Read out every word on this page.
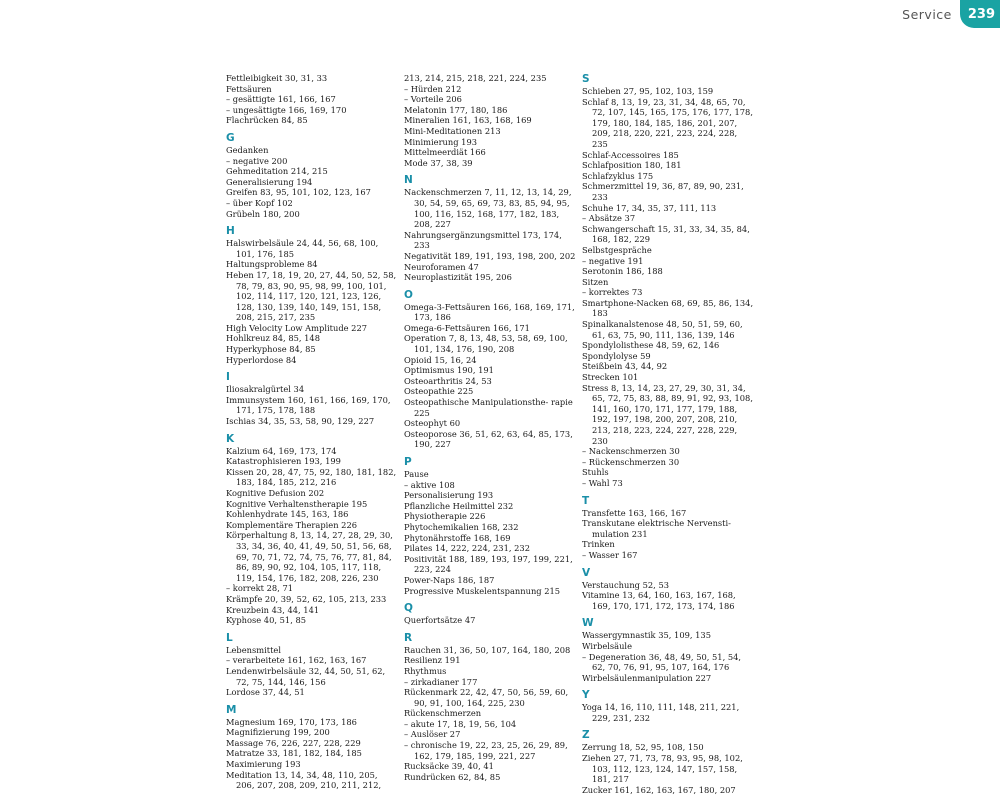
Service	239
Fettleibigkeit 30, 31, 33
Fettsäuren
– gesättigte 161, 166, 167
– ungesättigte 166, 169, 170
Flachrücken 84, 85
G
Gedanken
– negative 200
Gehmeditation 214, 215
Generalisierung 194
Greifen 83, 95, 101, 102, 123, 167
– über Kopf 102
Grübeln 180, 200
H
Halswirbelsäule 24, 44, 56, 68, 100, 101, 176, 185
Haltungsprobleme 84
Heben 17, 18, 19, 20, 27, 44, 50, 52, 58, 78, 79, 83, 90, 95, 98, 99, 100, 101, 102, 114, 117, 120, 121, 123, 126, 128, 130, 139, 140, 149, 151, 158, 208, 215, 217, 235
High Velocity Low Amplitude 227
Hohlkreuz 84, 85, 148
Hyperkyphose 84, 85
Hyperlordose 84
I
Iliosakralgürtel 34
Immunsystem 160, 161, 166, 169, 170, 171, 175, 178, 188
Ischias 34, 35, 53, 58, 90, 129, 227
K
Kalzium 64, 169, 173, 174
Katastrophisieren 193, 199
Kissen 20, 28, 47, 75, 92, 180, 181, 182, 183, 184, 185, 212, 216
Kognitive Defusion 202
Kognitive Verhaltenstherapie 195
Kohlenhydrate 145, 163, 186
Komplementäre Therapien 226
Körperhaltung 8, 13, 14, 27, 28, 29, 30, 33, 34, 36, 40, 41, 49, 50, 51, 56, 68, 69, 70, 71, 72, 74, 75, 76, 77, 81, 84, 86, 89, 90, 92, 104, 105, 117, 118, 119, 154, 176, 182, 208, 226, 230
– korrekt 28, 71
Krämpfe 20, 39, 52, 62, 105, 213, 233
Kreuzbein 43, 44, 141
Kyphose 40, 51, 85
L
Lebensmittel
– verarbeitete 161, 162, 163, 167
Lendenwirbelsäule 32, 44, 50, 51, 62, 72, 75, 144, 146, 156
Lordose 37, 44, 51
M
Magnesium 169, 170, 173, 186
Magnifizierung 199, 200
Massage 76, 226, 227, 228, 229
Matratze 33, 181, 182, 184, 185
Maximierung 193
Meditation 13, 14, 34, 48, 110, 205, 206, 207, 208, 209, 210, 211, 212,
213, 214, 215, 218, 221, 224, 235
– Hürden 212
– Vorteile 206
Melatonin 177, 180, 186
Mineralien 161, 163, 168, 169
Mini-Meditationen 213
Minimierung 193
Mittelmeerdiät 166
Mode 37, 38, 39
N
Nackenschmerzen 7, 11, 12, 13, 14, 29, 30, 54, 59, 65, 69, 73, 83, 85, 94, 95, 100, 116, 152, 168, 177, 182, 183, 208, 227
Nahrungsergänzungsmittel 173, 174, 233
Negativität 189, 191, 193, 198, 200, 202
Neuroforamen 47
Neuroplastizität 195, 206
O
Omega-3-Fettsäuren 166, 168, 169, 171, 173, 186
Omega-6-Fettsäuren 166, 171
Operation 7, 8, 13, 48, 53, 58, 69, 100, 101, 134, 176, 190, 208
Opioid 15, 16, 24
Optimismus 190, 191
Osteoarthritis 24, 53
Osteopathie 225
Osteopathische Manipulationsthe- rapie 225
Osteophyt 60
Osteoporose 36, 51, 62, 63, 64, 85, 173, 190, 227
P
Pause
– aktive 108
Personalisierung 193
Pflanzliche Heilmittel 232
Physiotherapie 226
Phytochemikalien 168, 232
Phytonährstoffe 168, 169
Pilates 14, 222, 224, 231, 232
Positivität 188, 189, 193, 197, 199, 221, 223, 224
Power-Naps 186, 187
Progressive Muskelentspannung 215
Q
Querfortsätze 47
R
Rauchen 31, 36, 50, 107, 164, 180, 208
Resilienz 191
Rhythmus
– zirkadianer 177
Rückenmark 22, 42, 47, 50, 56, 59, 60, 90, 91, 100, 164, 225, 230
Rückenschmerzen
– akute 17, 18, 19, 56, 104
– Auslöser 27
– chronische 19, 22, 23, 25, 26, 29, 89, 162, 179, 185, 199, 221, 227
Rucksäcke 39, 40, 41
Rundrücken 62, 84, 85
S
Schieben 27, 95, 102, 103, 159
Schlaf 8, 13, 19, 23, 31, 34, 48, 65, 70, 72, 107, 145, 165, 175, 176, 177, 178, 179, 180, 184, 185, 186, 201, 207, 209, 218, 220, 221, 223, 224, 228, 235
Schlaf-Accessoires 185
Schlafposition 180, 181
Schlafzyklus 175
Schmerzmittel 19, 36, 87, 89, 90, 231, 233
Schuhe 17, 34, 35, 37, 111, 113
– Absätze 37
Schwangerschaft 15, 31, 33, 34, 35, 84, 168, 182, 229
Selbstgespräche
– negative 191
Serotonin 186, 188
Sitzen
– korrektes 73
Smartphone-Nacken 68, 69, 85, 86, 134, 183
Spinalkanalstenose 48, 50, 51, 59, 60, 61, 63, 75, 90, 111, 136, 139, 146
Spondylolisthese 48, 59, 62, 146
Spondylolyse 59
Steißbein 43, 44, 92
Strecken 101
Stress 8, 13, 14, 23, 27, 29, 30, 31, 34, 65, 72, 75, 83, 88, 89, 91, 92, 93, 108, 141, 160, 170, 171, 177, 179, 188, 192, 197, 198, 200, 207, 208, 210, 213, 218, 223, 224, 227, 228, 229, 230
– Nackenschmerzen 30
– Rückenschmerzen 30
Stuhls
– Wahl 73
T
Transfette 163, 166, 167
Transkutane elektrische Nervensti- mulation 231
Trinken
– Wasser 167
V
Verstauchung 52, 53
Vitamine 13, 64, 160, 163, 167, 168, 169, 170, 171, 172, 173, 174, 186
W
Wassergymnastik 35, 109, 135
Wirbelsäule
– Degeneration 36, 48, 49, 50, 51, 54, 62, 70, 76, 91, 95, 107, 164, 176
Wirbelsäulenmanipulation 227
Y
Yoga 14, 16, 110, 111, 148, 211, 221, 229, 231, 232
Z
Zerrung 18, 52, 95, 108, 150
Ziehen 27, 71, 73, 78, 93, 95, 98, 102, 103, 112, 123, 124, 147, 157, 158, 181, 217
Zucker 161, 162, 163, 167, 180, 207
